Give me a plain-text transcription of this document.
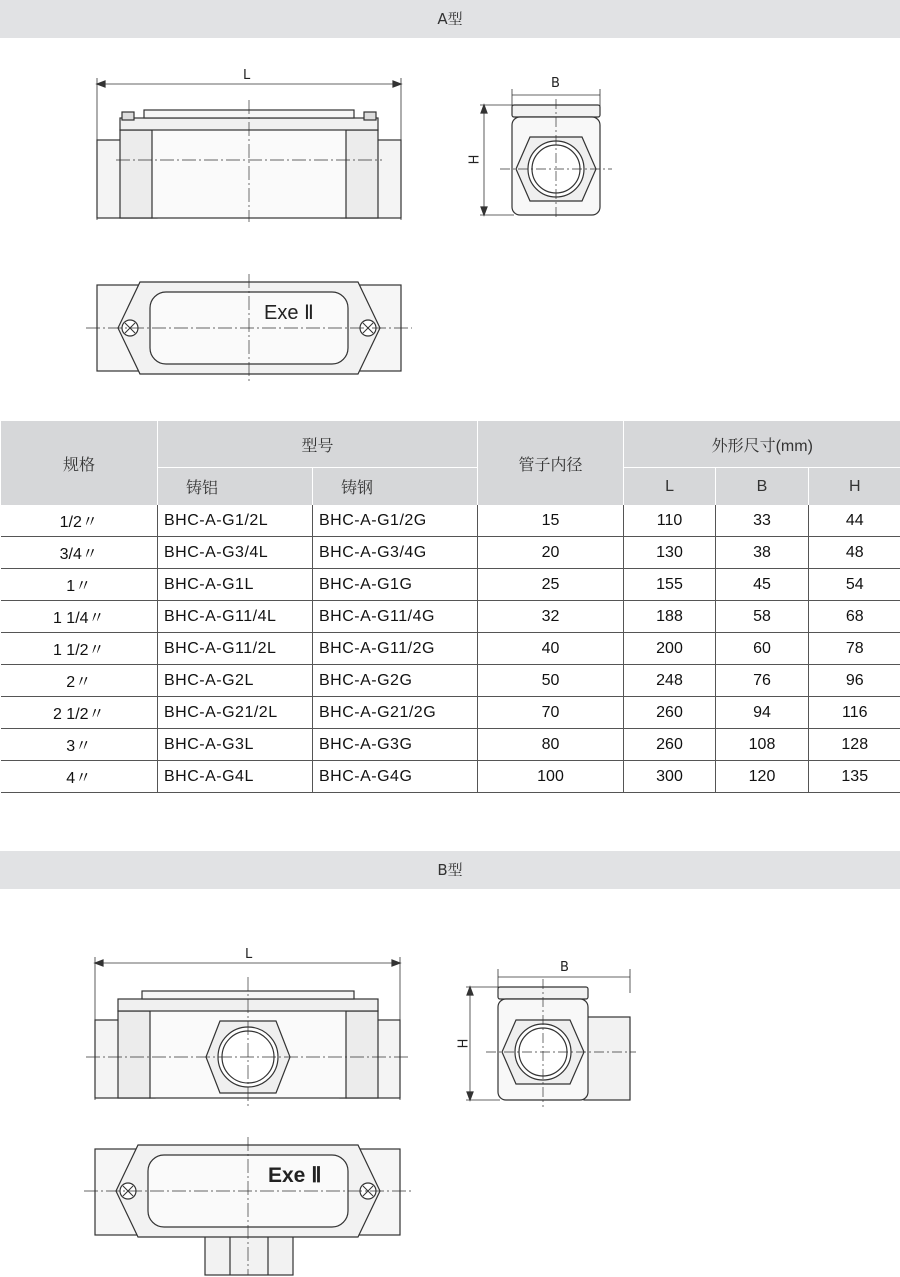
A型
L
B
H
Exe Ⅱ
规格	型号		管子内径	外形尺寸(mm)		
	铸铝	铸钢		L	B	H
1/2〃	BHC-A-G1/2L	BHC-A-G1/2G	15	110	33	44
3/4〃	BHC-A-G3/4L	BHC-A-G3/4G	20	130	38	48
1〃	BHC-A-G1L	BHC-A-G1G	25	155	45	54
1 1/4〃	BHC-A-G11/4L	BHC-A-G11/4G	32	188	58	68
1 1/2〃	BHC-A-G11/2L	BHC-A-G11/2G	40	200	60	78
2〃	BHC-A-G2L	BHC-A-G2G	50	248	76	96
2 1/2〃	BHC-A-G21/2L	BHC-A-G21/2G	70	260	94	116
3〃	BHC-A-G3L	BHC-A-G3G	80	260	108	128
4〃	BHC-A-G4L	BHC-A-G4G	100	300	120	135
B型
L
B
H
Exe Ⅱ
